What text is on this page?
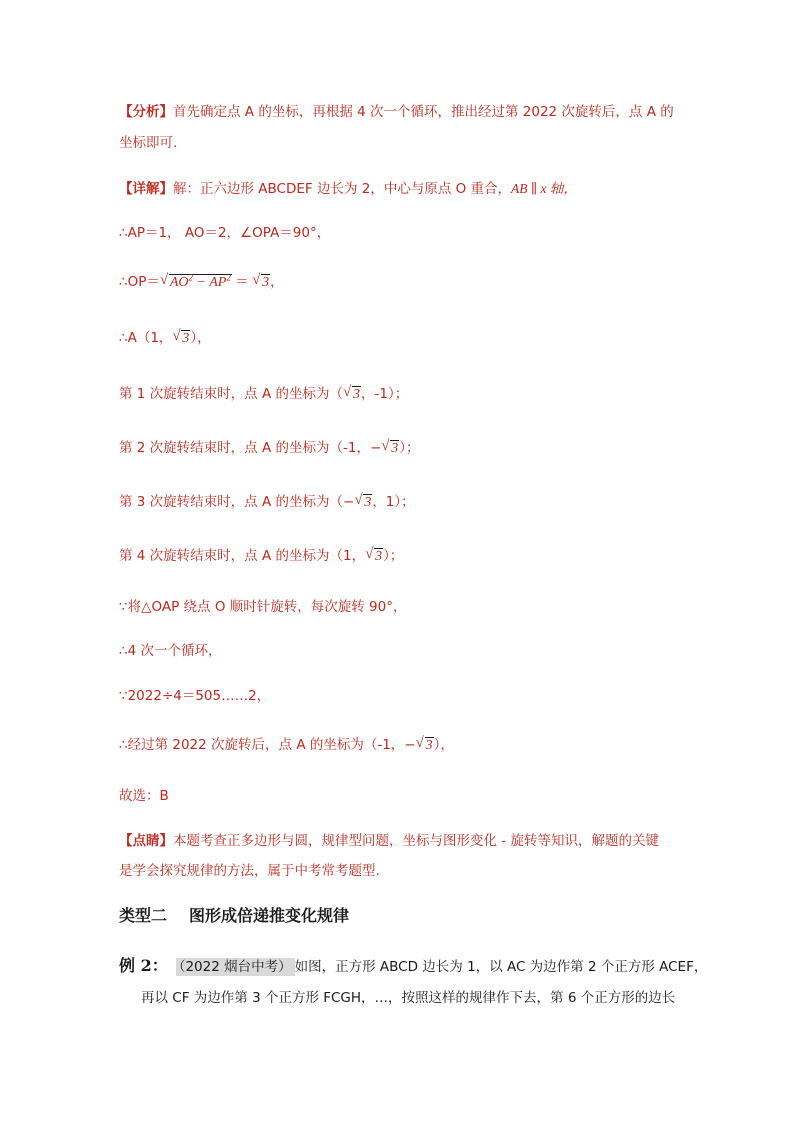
【分析】首先确定点 A 的坐标，再根据 4 次一个循环，推出经过第 2022 次旋转后，点 A 的
坐标即可.
【详解】解：正六边形 ABCDEF 边长为 2，中心与原点 O 重合，AB ∥ x 轴，
∴AP＝1， AO＝2，∠OPA＝90°，
∴OP＝ √ $AO^2 - AP^2$ ＝ √ 3，
∴A（1， √ 3），
第 1 次旋转结束时，点 A 的坐标为（ √ 3，-1）；
第 2 次旋转结束时，点 A 的坐标为（-1，− √ 3）；
第 3 次旋转结束时，点 A 的坐标为（− √ 3，1）；
第 4 次旋转结束时，点 A 的坐标为（1， √ 3）；
∵将△OAP 绕点 O 顺时针旋转，每次旋转 90°，
∴4 次一个循环，
∵2022÷4＝505……2，
∴经过第 2022 次旋转后，点 A 的坐标为（-1，− √ 3），
故选：B
【点睛】本题考查正多边形与圆，规律型问题，坐标与图形变化 - 旋转等知识，解题的关键
是学会探究规律的方法，属于中考常考题型.
类型二 图形成倍递推变化规律
例 2： （2022 烟台中考） 如图，正方形 ABCD 边长为 1，以 AC 为边作第 2 个正方形 ACEF，
再以 CF 为边作第 3 个正方形 FCGH，…，按照这样的规律作下去，第 6 个正方形的边长
